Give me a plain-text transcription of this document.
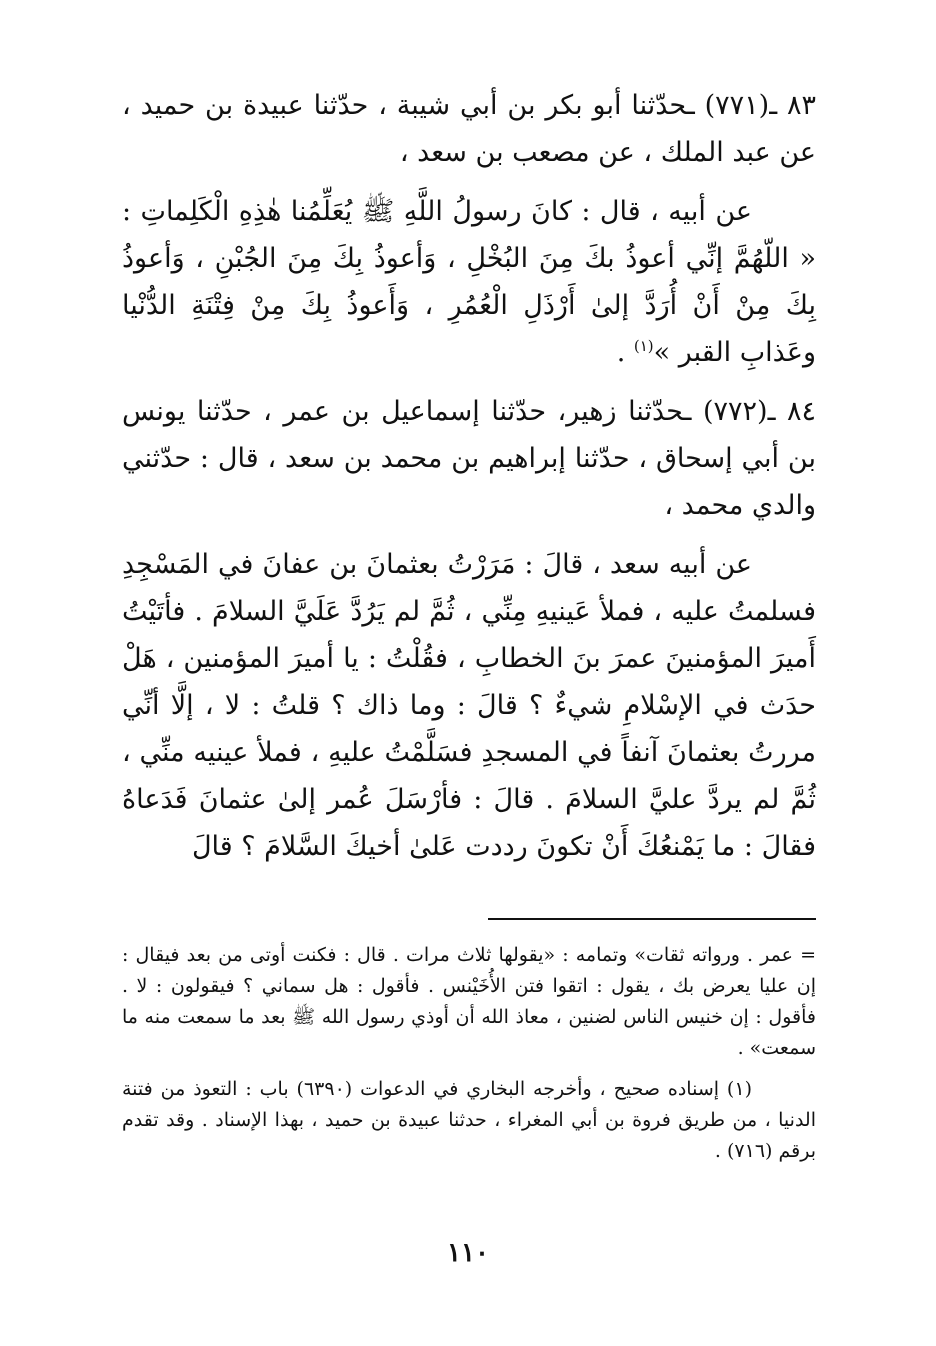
٨٣ ـ(٧٧١) ـحدّثنا أبو بكر بن أبي شيبة ، حدّثنا عبيدة بن حميد ، عن عبد الملك ، عن مصعب بن سعد ،

عن أبيه ، قال : كانَ رسولُ اللَّهِ ﷺ يُعَلِّمُنا هٰذِهِ الْكَلِماتِ : « اللّهُمَّ إنِّي أعوذُ بكَ مِنَ البُخْلِ ، وَأعوذُ بِكَ مِنَ الجُبْنِ ، وَأعوذُ بِكَ مِنْ أَنْ أُرَدَّ إلىٰ أَرْذَلِ الْعُمُرِ ، وَأَعوذُ بِكَ مِنْ فِتْنَةِ الدُّنْيا وعَذابِ القبر »$^{(١)}$ .

٨٤ ـ(٧٧٢) ـحدّثنا زهير، حدّثنا إسماعيل بن عمر ، حدّثنا يونس بن أبي إسحاق ، حدّثنا إبراهيم بن محمد بن سعد ، قال : حدّثني والدي محمد ،

عن أبيه سعد ، قالَ : مَرَرْتُ بعثمانَ بن عفانَ في المَسْجِدِ فسلمتُ عليه ، فملأ عَينيهِ مِنِّي ، ثُمَّ لم يَرُدَّ عَلَيَّ السلامَ . فأتَيْتُ أَميرَ المؤمنينَ عمرَ بنَ الخطابِ ، فقُلْتُ : يا أميرَ المؤمنين ، هَلْ حدَث في الإسْلامِ شيءٌ ؟ قالَ : وما ذاك ؟ قلتُ : لا ، إلَّا أنِّي مررتُ بعثمانَ آنفاً في المسجدِ فسَلَّمْتُ عليهِ ، فملأ عينيه منِّي ، ثُمَّ لم يردَّ عليَّ السلامَ . قالَ : فأرْسَلَ عُمر إلىٰ عثمانَ فَدَعاهُ فقالَ : ما يَمْنعُكَ أَنْ تكونَ رددت عَلىٰ أخيكَ السَّلامَ ؟ قالَ

= عمر . ورواته ثقات» وتمامه : «يقولها ثلاث مرات . قال : فكنت أوتى من بعد فيقال : إن عليا يعرض بك ، يقول : اتقوا فتن الأُخَيْنس . فأقول : هل سماني ؟ فيقولون : لا . فأقول : إن خنيس الناس لضنين ، معاذ الله أن أوذي رسول الله ﷺ بعد ما سمعت منه ما سمعت» .

(١) إسناده صحيح ، وأخرجه البخاري في الدعوات (٦٣٩٠) باب : التعوذ من فتنة الدنيا ، من طريق فروة بن أبي المغراء ، حدثنا عبيدة بن حميد ، بهذا الإسناد . وقد تقدم برقم (٧١٦) .

١١٠
